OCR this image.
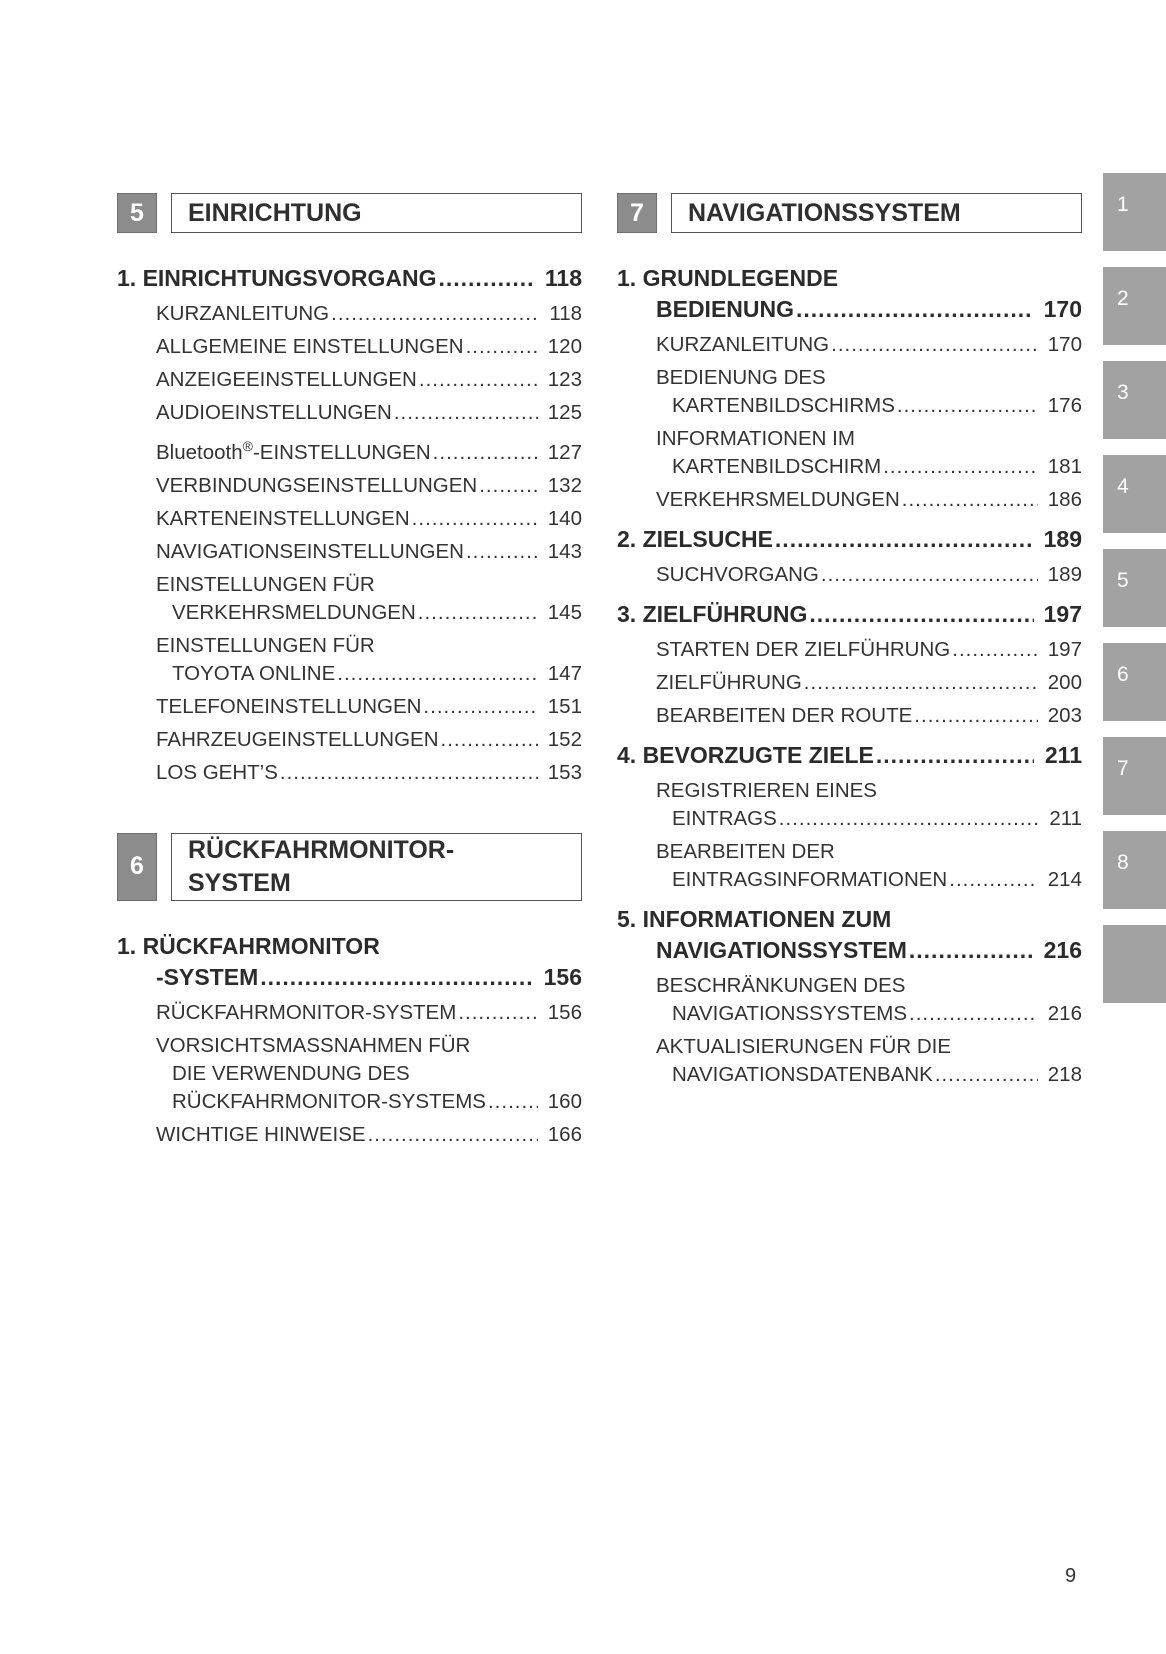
5	EINRICHTUNG
1. EINRICHTUNGSVORGANG .....	118
KURZANLEITUNG .....	118
ALLGEMEINE EINSTELLUNGEN .....	120
ANZEIGEEINSTELLUNGEN .....	123
AUDIOEINSTELLUNGEN .....	125
Bluetooth®-EINSTELLUNGEN .....	127
VERBINDUNGSEINSTELLUNGEN .....	132
KARTENEINSTELLUNGEN .....	140
NAVIGATIONSEINSTELLUNGEN .....	143
EINSTELLUNGEN FÜR
VERKEHRSMELDUNGEN .....	145
EINSTELLUNGEN FÜR
TOYOTA ONLINE .....	147
TELEFONEINSTELLUNGEN .....	151
FAHRZEUGEINSTELLUNGEN .....	152
LOS GEHT’S .....	153
6
RÜCKFAHRMONITOR-
SYSTEM
1. RÜCKFAHRMONITOR
-SYSTEM .....	156
RÜCKFAHRMONITOR-SYSTEM .....	156
VORSICHTSMASSNAHMEN FÜR
DIE VERWENDUNG DES
RÜCKFAHRMONITOR-SYSTEMS .....	160
WICHTIGE HINWEISE .....	166
7	NAVIGATIONSSYSTEM
1. GRUNDLEGENDE
BEDIENUNG .....	170
KURZANLEITUNG .....	170
BEDIENUNG DES
KARTENBILDSCHIRMS .....	176
INFORMATIONEN IM
KARTENBILDSCHIRM .....	181
VERKEHRSMELDUNGEN .....	186
2. ZIELSUCHE .....	189
SUCHVORGANG .....	189
3. ZIELFÜHRUNG .....	197
STARTEN DER ZIELFÜHRUNG .....	197
ZIELFÜHRUNG .....	200
BEARBEITEN DER ROUTE .....	203
4. BEVORZUGTE ZIELE .....	211
REGISTRIEREN EINES
EINTRAGS .....	211
BEARBEITEN DER
EINTRAGSINFORMATIONEN .....	214
5. INFORMATIONEN ZUM
NAVIGATIONSSYSTEM .....	216
BESCHRÄNKUNGEN DES
NAVIGATIONSSYSTEMS .....	216
AKTUALISIERUNGEN FÜR DIE
NAVIGATIONSDATENBANK .....	218
1
2
3
4
5
6
7
8
9
